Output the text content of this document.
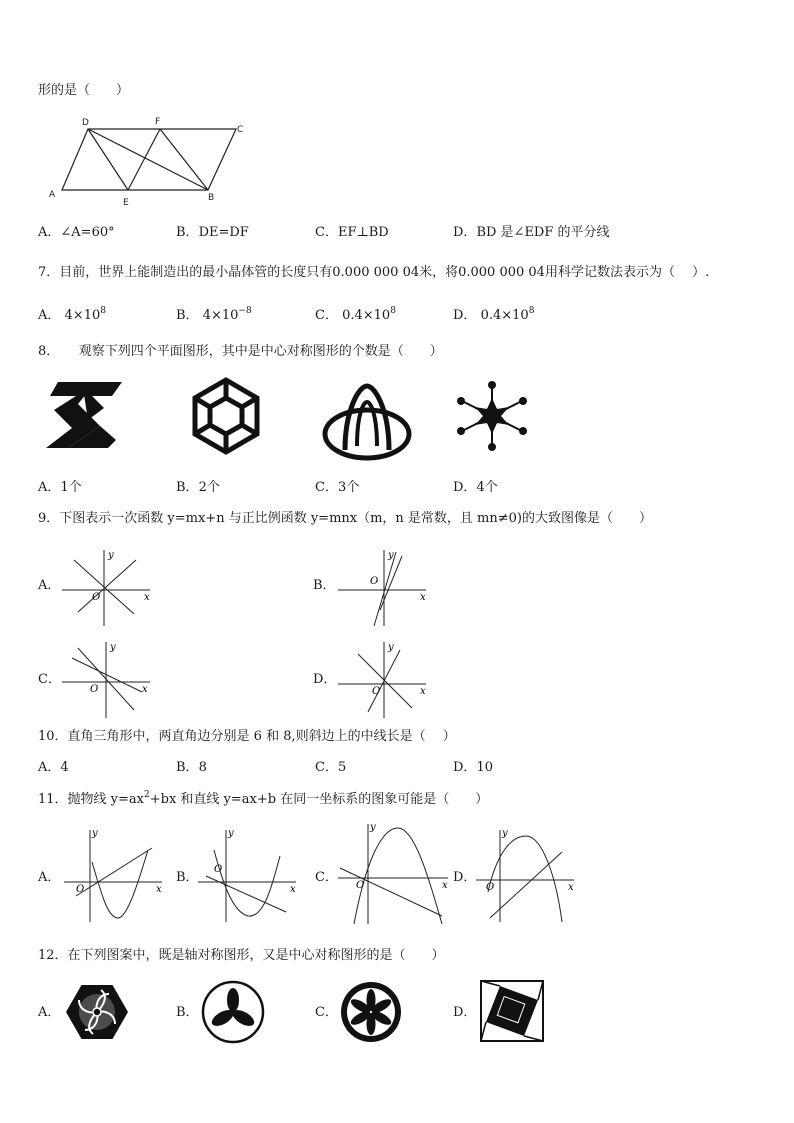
形的是（　　）
A	B
C
D
E
F
A．∠A=60°	B．DE=DF	C．EF⊥BD	D．BD 是∠EDF 的平分线
7．目前，世界上能制造出的最小晶体管的长度只有0.000 000 04米，将0.000 000 04用科学记数法表示为（　 ）.
A． $4\times 10^8$	B． $4\times 10^{-8}$	C． $0.4\times 10^8$	D． $0.4\times 10^8$
8．　　观察下列四个平面图形，其中是中心对称图形的个数是（　　）
A．1个	B．2个	C．3个	D．4个
9．下图表示一次函数 y=mx+n 与正比例函数 y=mnx（m，n 是常数，且 mn≠0)的大致图像是（　　）
A．
y
x
O
B．
y
x
O
C．
y
x
O
D．
y
x
O
10．直角三角形中，两直角边分别是 6 和 8,则斜边上的中线长是（　 ）
A．4	B．8	C．5	D．10
11．抛物线 $y=ax^2+bx$ 和直线 y=ax+b 在同一坐标系的图象可能是（　　）
A．
y
x
O
B．
y
x
O
C．
y
x
O
D．
y
x
O
12．在下列图案中，既是轴对称图形，又是中心对称图形的是（　　）
A．	B．	C．	D．
